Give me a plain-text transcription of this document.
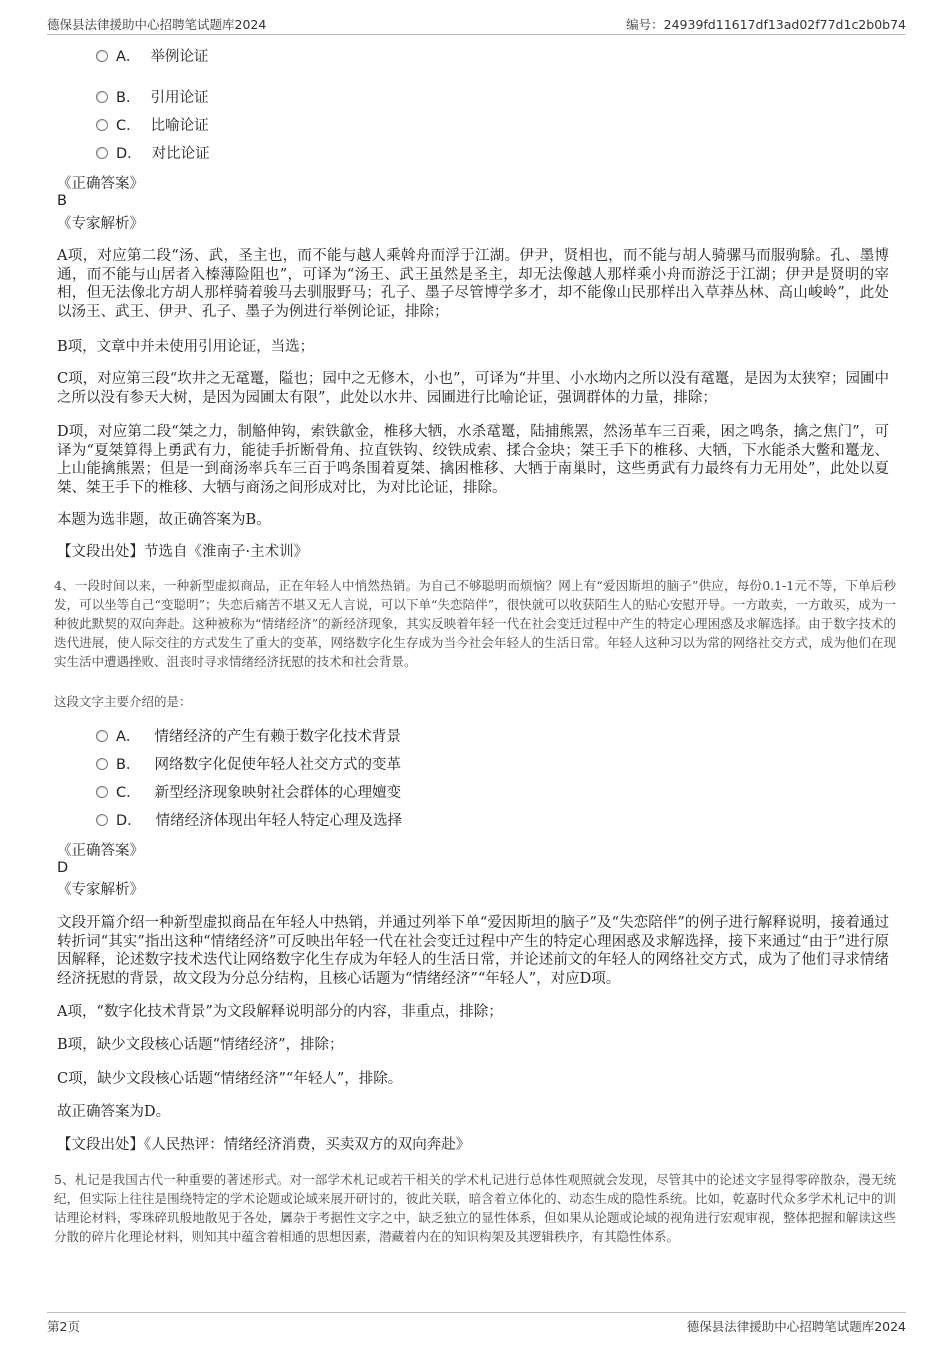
德保县法律援助中心招聘笔试题库2024	编号：24939fd11617df13ad02f77d1c2b0b74
A． 举例论证
B． 引用论证
C． 比喻论证
D． 对比论证
《正确答案》
B
《专家解析》
A项，对应第二段“汤、武，圣主也，而不能与越人乘斡舟而浮于江湖。伊尹，贤相也，而不能与胡人骑骡马而服驹駼。孔、墨博通，而不能与山居者入榛薄险阻也”，可译为“汤王、武王虽然是圣主，却无法像越人那样乘小舟而游泛于江湖；伊尹是贤明的宰相，但无法像北方胡人那样骑着骏马去驯服野马；孔子、墨子尽管博学多才，却不能像山民那样出入草莽丛林、高山峻岭”，此处以汤王、武王、伊尹、孔子、墨子为例进行举例论证，排除；
B项，文章中并未使用引用论证，当选；
C项，对应第三段“坎井之无鼋鼍，隘也；园中之无修木，小也”，可译为“井里、小水坳内之所以没有鼋鼍，是因为太狭窄；园圃中之所以没有参天大树，是因为园圃太有限”，此处以水井、园圃进行比喻论证，强调群体的力量，排除；
D项，对应第二段“桀之力，制觡伸钩，索铁歙金，椎移大牺，水杀鼋鼍，陆捕熊罴，然汤革车三百乘，困之鸣条，擒之焦门”，可译为“夏桀算得上勇武有力，能徒手折断骨角、拉直铁钩、绞铁成索、揉合金块；桀王手下的椎移、大牺，下水能杀大鳖和鼍龙、上山能擒熊罴；但是一到商汤率兵车三百于鸣条围着夏桀、擒困椎移、大牺于南巢时，这些勇武有力最终有力无用处”，此处以夏桀、桀王手下的椎移、大牺与商汤之间形成对比，为对比论证，排除。
本题为选非题，故正确答案为B。
【文段出处】节选自《淮南子·主术训》
4、一段时间以来，一种新型虚拟商品，正在年轻人中悄然热销。为自己不够聪明而烦恼？网上有“爱因斯坦的脑子”供应，每份0.1-1元不等，下单后秒发，可以坐等自己“变聪明”；失恋后痛苦不堪又无人言说，可以下单“失恋陪伴”，很快就可以收获陌生人的贴心安慰开导。一方敢卖，一方敢买，成为一种彼此默契的双向奔赴。这种被称为“情绪经济”的新经济现象，其实反映着年轻一代在社会变迁过程中产生的特定心理困惑及求解选择。由于数字技术的迭代进展，使人际交往的方式发生了重大的变革，网络数字化生存成为当今社会年轻人的生活日常。年轻人这种习以为常的网络社交方式，成为他们在现实生活中遭遇挫败、沮丧时寻求情绪经济抚慰的技术和社会背景。
这段文字主要介绍的是：
A． 情绪经济的产生有赖于数字化技术背景
B． 网络数字化促使年轻人社交方式的变革
C． 新型经济现象映射社会群体的心理嬗变
D． 情绪经济体现出年轻人特定心理及选择
《正确答案》
D
《专家解析》
文段开篇介绍一种新型虚拟商品在年轻人中热销，并通过列举下单“爱因斯坦的脑子”及“失恋陪伴”的例子进行解释说明，接着通过转折词“其实”指出这种“情绪经济”可反映出年轻一代在社会变迁过程中产生的特定心理困惑及求解选择，接下来通过“由于”进行原因解释，论述数字技术迭代让网络数字化生存成为年轻人的生活日常，并论述前文的年轻人的网络社交方式，成为了他们寻求情绪经济抚慰的背景，故文段为分总分结构，且核心话题为“情绪经济”“年轻人”，对应D项。
A项，“数字化技术背景”为文段解释说明部分的内容，非重点，排除；
B项，缺少文段核心话题“情绪经济”，排除；
C项，缺少文段核心话题“情绪经济”“年轻人”，排除。
故正确答案为D。
【文段出处】《人民热评：情绪经济消费，买卖双方的双向奔赴》
5、札记是我国古代一种重要的著述形式。对一部学术札记或若干相关的学术札记进行总体性观照就会发现，尽管其中的论述文字显得零碎散杂，漫无统纪，但实际上往往是围绕特定的学术论题或论域来展开研讨的，彼此关联，暗含着立体化的、动态生成的隐性系统。比如，乾嘉时代众多学术札记中的训诂理论材料，零珠碎玑般地散见于各处，羼杂于考据性文字之中，缺乏独立的显性体系，但如果从论题或论域的视角进行宏观审视，整体把握和解读这些分散的碎片化理论材料，则知其中蕴含着相通的思想因素，潜藏着内在的知识构架及其逻辑秩序，有其隐性体系。
第2页	德保县法律援助中心招聘笔试题库2024
